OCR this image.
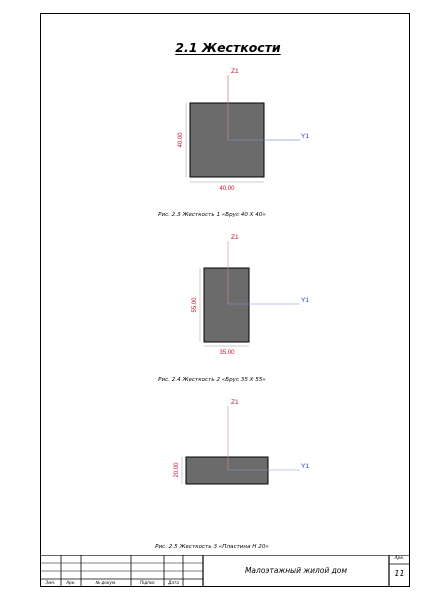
2.1 Жесткости
Z1
Y1
40.00
40.00
Рис. 2.3 Жесткость 1 «Брус 40 Х 40»
Z1
Y1
55.00
35.00
Рис. 2.4 Жесткость 2 «Брус 35 Х 55»
Z1
Y1
20.00
Рис. 2.5 Жесткость 3 «Пластина Н 20»
Малоэтажный жилой дом
Арк.
11
Змн.	Арк.	№ докум.	Підпис	Дата
